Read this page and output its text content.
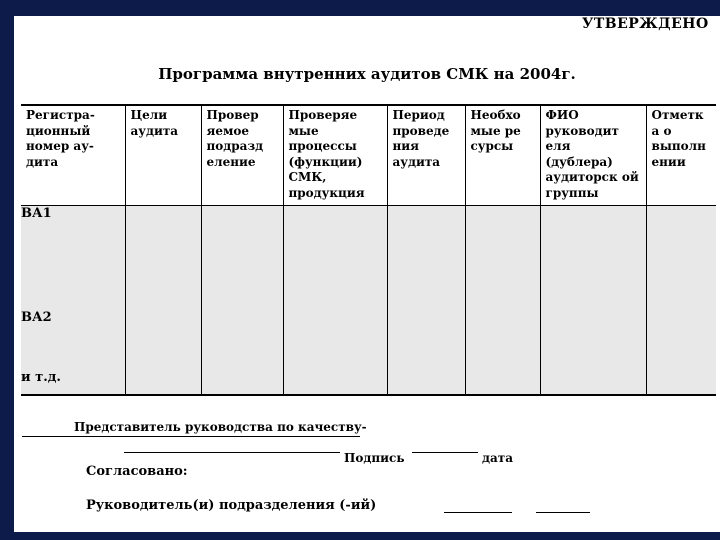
УТВЕРЖДЕНО
Программа внутренних аудитов СМК на 2004г.
Регистра-ционный номер ау-дита	Цели аудита	Провер яемое подразд еление	Проверяе мые процессы (функции) СМК, продукция	Период проведе ния аудита	Необхо мые ре сурсы	ФИО руководит еля (дублера) аудиторск ой группы	Отметк а о выполн ении
ВА1							
ВА2							
и т.д.							
Представитель руководства по качеству-
Подпись	дата
Согласовано:
Руководитель(и) подразделения (-ий)
